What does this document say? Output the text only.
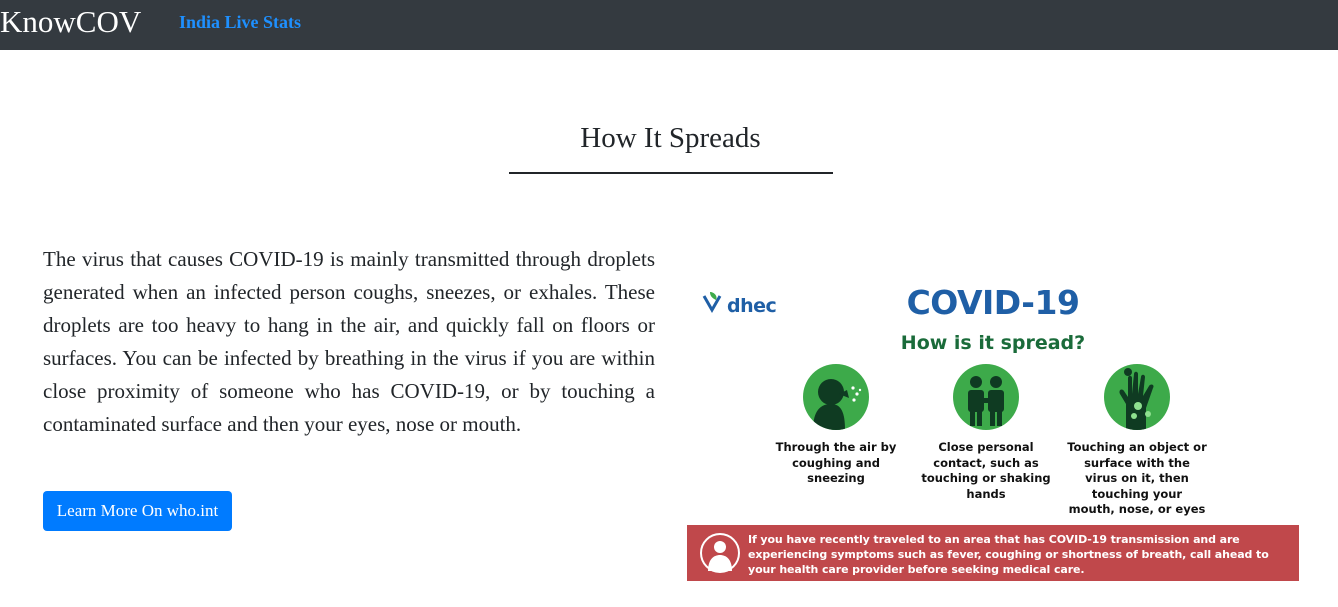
KnowCOV India Live Stats
How It Spreads

The virus that causes COVID-19 is mainly transmitted through droplets generated when an infected person coughs, sneezes, or exhales. These droplets are too heavy to hang in the air, and quickly fall on floors or surfaces. You can be infected by breathing in the virus if you are within close proximity of someone who has COVID-19, or by touching a contaminated surface and then your eyes, nose or mouth.

Learn More On who.int
dhec	COVID-19
How is it spread?
Through the air by coughing and sneezing
Close personal contact, such as touching or shaking hands
Touching an object or surface with the virus on it, then touching your mouth, nose, or eyes
If you have recently traveled to an area that has COVID-19 transmission and are experiencing symptoms such as fever, coughing or shortness of breath, call ahead to your health care provider before seeking medical care.
